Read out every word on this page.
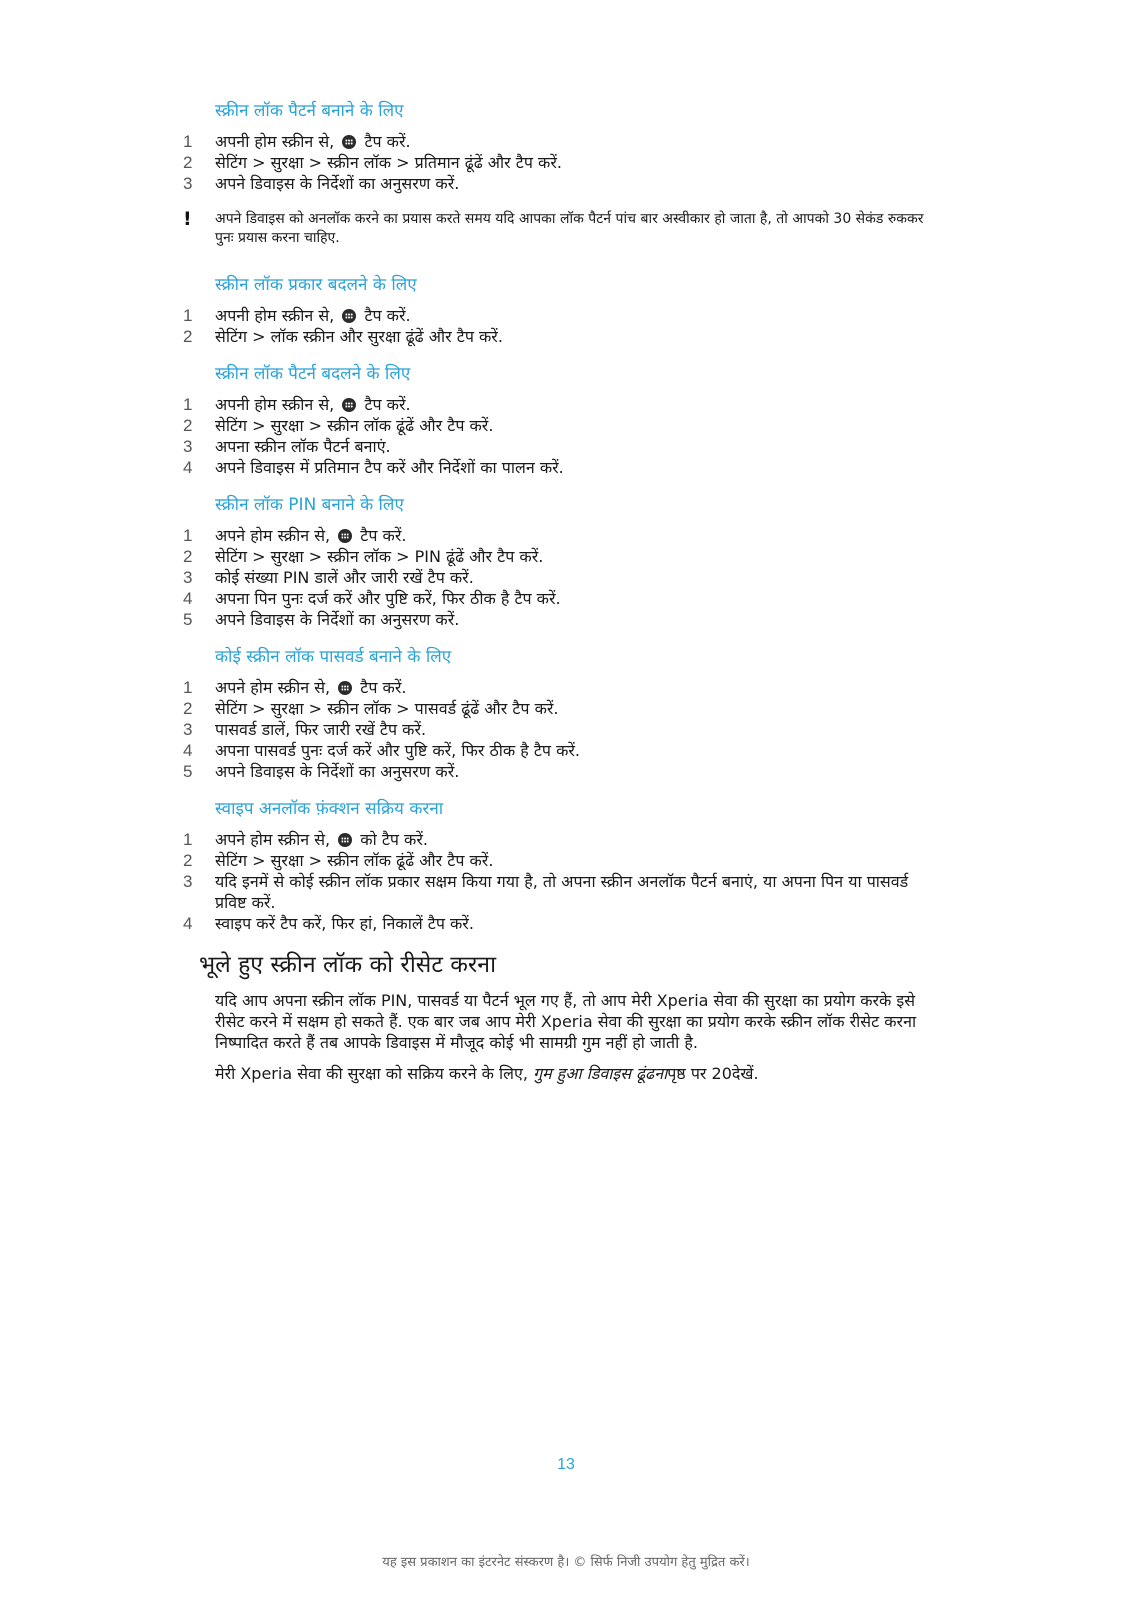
स्क्रीन लॉक पैटर्न बनाने के लिए
1	अपनी होम स्क्रीन से, टैप करें.
2	सेटिंग > सुरक्षा > स्क्रीन लॉक > प्रतिमान ढूंढें और टैप करें.
3	अपने डिवाइस के निर्देशों का अनुसरण करें.
!	अपने डिवाइस को अनलॉक करने का प्रयास करते समय यदि आपका लॉक पैटर्न पांच बार अस्वीकार हो जाता है, तो आपको 30 सेकंड रुककर पुनः प्रयास करना चाहिए.
स्क्रीन लॉक प्रकार बदलने के लिए
1	अपनी होम स्क्रीन से, टैप करें.
2	सेटिंग > लॉक स्क्रीन और सुरक्षा ढूंढें और टैप करें.
स्क्रीन लॉक पैटर्न बदलने के लिए
1	अपनी होम स्क्रीन से, टैप करें.
2	सेटिंग > सुरक्षा > स्क्रीन लॉक ढूंढें और टैप करें.
3	अपना स्क्रीन लॉक पैटर्न बनाएं.
4	अपने डिवाइस में प्रतिमान टैप करें और निर्देशों का पालन करें.
स्क्रीन लॉक PIN बनाने के लिए
1	अपने होम स्क्रीन से, टैप करें.
2	सेटिंग > सुरक्षा > स्क्रीन लॉक > PIN ढूंढें और टैप करें.
3	कोई संख्या PIN डालें और जारी रखें टैप करें.
4	अपना पिन पुनः दर्ज करें और पुष्टि करें, फिर ठीक है टैप करें.
5	अपने डिवाइस के निर्देशों का अनुसरण करें.
कोई स्क्रीन लॉक पासवर्ड बनाने के लिए
1	अपने होम स्क्रीन से, टैप करें.
2	सेटिंग > सुरक्षा > स्क्रीन लॉक > पासवर्ड ढूंढें और टैप करें.
3	पासवर्ड डालें, फिर जारी रखें टैप करें.
4	अपना पासवर्ड पुनः दर्ज करें और पुष्टि करें, फिर ठीक है टैप करें.
5	अपने डिवाइस के निर्देशों का अनुसरण करें.
स्वाइप अनलॉक फ़ंक्शन सक्रिय करना
1	अपने होम स्क्रीन से, को टैप करें.
2	सेटिंग > सुरक्षा > स्क्रीन लॉक ढूंढें और टैप करें.
3	यदि इनमें से कोई स्क्रीन लॉक प्रकार सक्षम किया गया है, तो अपना स्क्रीन अनलॉक पैटर्न बनाएं, या अपना पिन या पासवर्ड प्रविष्ट करें.
4	स्वाइप करें टैप करें, फिर हां, निकालें टैप करें.
भूले हुए स्क्रीन लॉक को रीसेट करना

यदि आप अपना स्क्रीन लॉक PIN, पासवर्ड या पैटर्न भूल गए हैं, तो आप मेरी Xperia सेवा की सुरक्षा का प्रयोग करके इसे रीसेट करने में सक्षम हो सकते हैं. एक बार जब आप मेरी Xperia सेवा की सुरक्षा का प्रयोग करके स्क्रीन लॉक रीसेट करना निष्पादित करते हैं तब आपके डिवाइस में मौजूद कोई भी सामग्री गुम नहीं हो जाती है.

मेरी Xperia सेवा की सुरक्षा को सक्रिय करने के लिए, गुम हुआ डिवाइस ढूंढनापृष्ठ पर 20देखें.

13
यह इस प्रकाशन का इंटरनेट संस्करण है। © सिर्फ निजी उपयोग हेतु मुद्रित करें।
